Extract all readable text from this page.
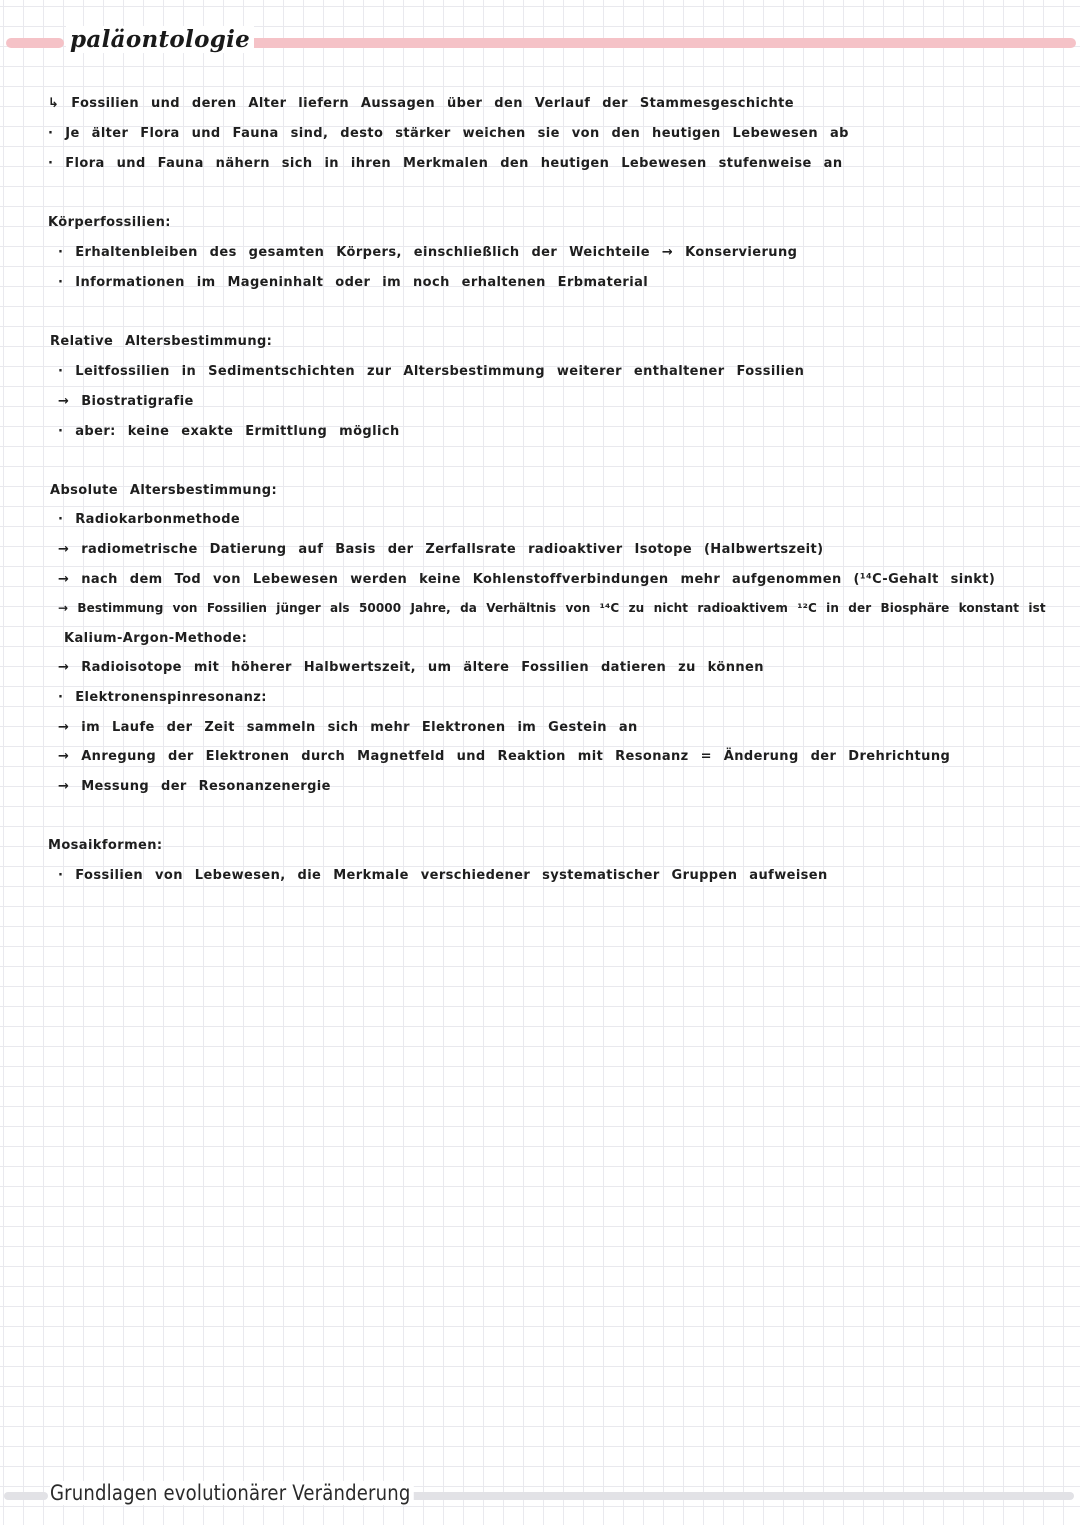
paläontologie
↳ Fossilien und deren Alter liefern Aussagen über den Verlauf der Stammesgeschichte
· Je älter Flora und Fauna sind, desto stärker weichen sie von den heutigen Lebewesen ab
· Flora und Fauna nähern sich in ihren Merkmalen den heutigen Lebewesen stufenweise an
Körperfossilien:
· Erhaltenbleiben des gesamten Körpers, einschließlich der Weichteile → Konservierung
· Informationen im Mageninhalt oder im noch erhaltenen Erbmaterial
Relative Altersbestimmung:
· Leitfossilien in Sedimentschichten zur Altersbestimmung weiterer enthaltener Fossilien
→ Biostratigrafie
· aber: keine exakte Ermittlung möglich
Absolute Altersbestimmung:
· Radiokarbonmethode
→ radiometrische Datierung auf Basis der Zerfallsrate radioaktiver Isotope (Halbwertszeit)
→ nach dem Tod von Lebewesen werden keine Kohlenstoffverbindungen mehr aufgenommen (¹⁴C-Gehalt sinkt)
→ Bestimmung von Fossilien jünger als 50000 Jahre, da Verhältnis von ¹⁴C zu nicht radioaktivem ¹²C in der Biosphäre konstant ist
Kalium-Argon-Methode:
→ Radioisotope mit höherer Halbwertszeit, um ältere Fossilien datieren zu können
· Elektronenspinresonanz:
→ im Laufe der Zeit sammeln sich mehr Elektronen im Gestein an
→ Anregung der Elektronen durch Magnetfeld und Reaktion mit Resonanz = Änderung der Drehrichtung
→ Messung der Resonanzenergie
Mosaikformen:
· Fossilien von Lebewesen, die Merkmale verschiedener systematischer Gruppen aufweisen
Grundlagen evolutionärer Veränderung
